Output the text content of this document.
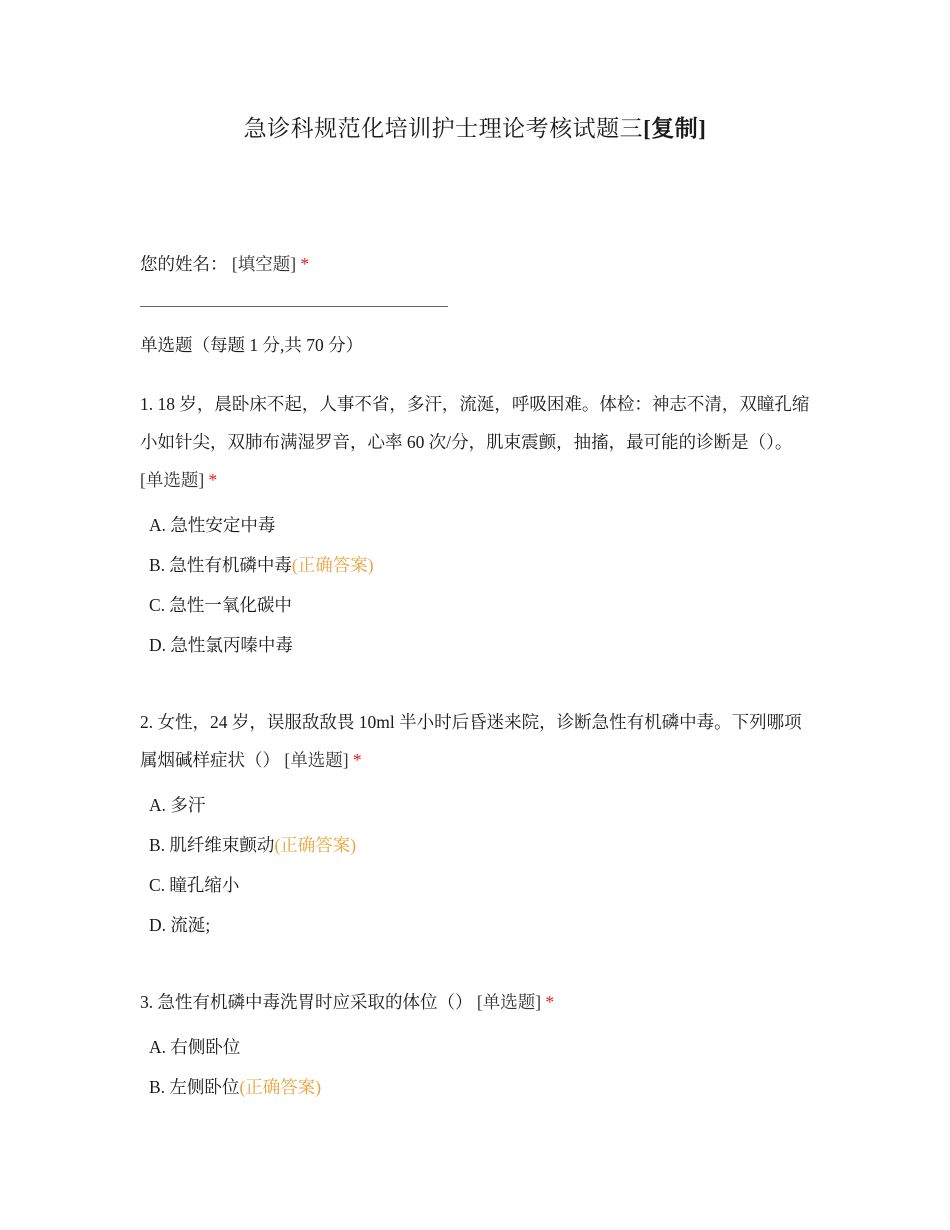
急诊科规范化培训护士理论考核试题三[复制]
您的姓名： [填空题] *
单选题（每题 1 分,共 70 分）
1. 18 岁，晨卧床不起，人事不省，多汗，流涎，呼吸困难。体检：神志不清，双瞳孔缩小如针尖，双肺布满湿罗音，心率 60 次/分，肌束震颤，抽搐，最可能的诊断是（）。 [单选题] *
A. 急性安定中毒
B. 急性有机磷中毒(正确答案)
C. 急性一氧化碳中
D. 急性氯丙嗪中毒
2. 女性，24 岁，误服敌敌畏 10ml 半小时后昏迷来院，诊断急性有机磷中毒。下列哪项属烟碱样症状（） [单选题] *
A. 多汗
B. 肌纤维束颤动(正确答案)
C. 瞳孔缩小
D. 流涎;
3. 急性有机磷中毒洗胃时应采取的体位（） [单选题] *
A. 右侧卧位
B. 左侧卧位(正确答案)
